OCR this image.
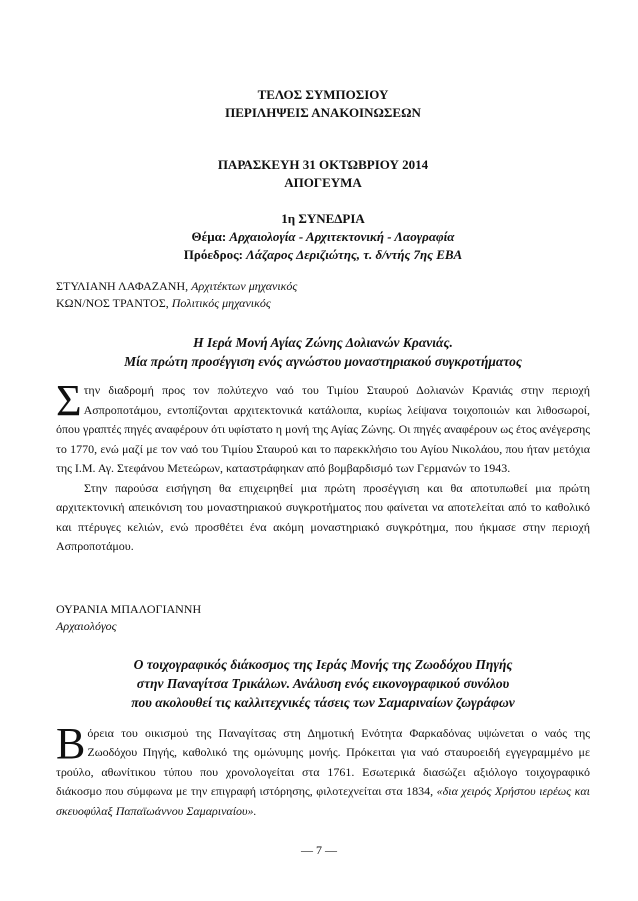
ΤΕΛΟΣ ΣΥΜΠΟΣΙΟΥ
ΠΕΡΙΛΗΨΕΙΣ ΑΝΑΚΟΙΝΩΣΕΩΝ
ΠΑΡΑΣΚΕΥΗ 31 ΟΚΤΩΒΡΙΟΥ 2014
ΑΠΟΓΕΥΜΑ
1η ΣΥΝΕΔΡΙΑ
Θέμα: Αρχαιολογία - Αρχιτεκτονική - Λαογραφία
Πρόεδρος: Λάζαρος Δεριζιώτης, τ. δ/ντής 7ης ΕΒΑ
ΣΤΥΛΙΑΝΗ ΛΑΦΑΖΑΝΗ, Αρχιτέκτων μηχανικός
ΚΩΝ/ΝΟΣ ΤΡΑΝΤΟΣ, Πολιτικός μηχανικός
Η Ιερά Μονή Αγίας Ζώνης Δολιανών Κρανιάς.
Μία πρώτη προσέγγιση ενός αγνώστου μοναστηριακού συγκροτήματος

Στην διαδρομή προς τον πολύτεχνο ναό του Τιμίου Σταυρού Δολιανών Κρανιάς στην περιοχή Ασπροποτάμου, εντοπίζονται αρχιτεκτονικά κατάλοιπα, κυρίως λείψανα τοιχοποιιών και λιθοσωροί, όπου γραπτές πηγές αναφέρουν ότι υφίστατο η μονή της Αγίας Ζώνης. Οι πηγές αναφέρουν ως έτος ανέγερσης το 1770, ενώ μαζί με τον ναό του Τιμίου Σταυρού και το παρεκκλήσιο του Αγίου Νικολάου, που ήταν μετόχια της Ι.Μ. Αγ. Στεφάνου Μετεώρων, καταστράφηκαν από βομβαρδισμό των Γερμανών το 1943.

Στην παρούσα εισήγηση θα επιχειρηθεί μια πρώτη προσέγγιση και θα αποτυπωθεί μια πρώτη αρχιτεκτονική απεικόνιση του μοναστηριακού συγκροτήματος που φαίνεται να αποτελείται από το καθολικό και πτέρυγες κελιών, ενώ προσθέτει ένα ακόμη μοναστηριακό συγκρότημα, που ήκμασε στην περιοχή Ασπροποτάμου.

ΟΥΡΑΝΙΑ ΜΠΑΛΟΓΙΑΝΝΗ
Αρχαιολόγος
Ο τοιχογραφικός διάκοσμος της Ιεράς Μονής της Ζωοδόχου Πηγής
στην Παναγίτσα Τρικάλων. Ανάλυση ενός εικονογραφικού συνόλου
που ακολουθεί τις καλλιτεχνικές τάσεις των Σαμαριναίων ζωγράφων

Βόρεια του οικισμού της Παναγίτσας στη Δημοτική Ενότητα Φαρκαδόνας υψώνεται ο ναός της Ζωοδόχου Πηγής, καθολικό της ομώνυμης μονής. Πρόκειται για ναό σταυροειδή εγγεγραμμένο με τρούλο, αθωνίτικου τύπου που χρονολογείται στα 1761. Εσωτερικά διασώζει αξιόλογο τοιχογραφικό διάκοσμο που σύμφωνα με την επιγραφή ιστόρησης, φιλοτεχνείται στα 1834, «δια χειρός Χρήστου ιερέως και σκευοφύλαξ Παπαϊωάννου Σαμαριναίου».

— 7 —
